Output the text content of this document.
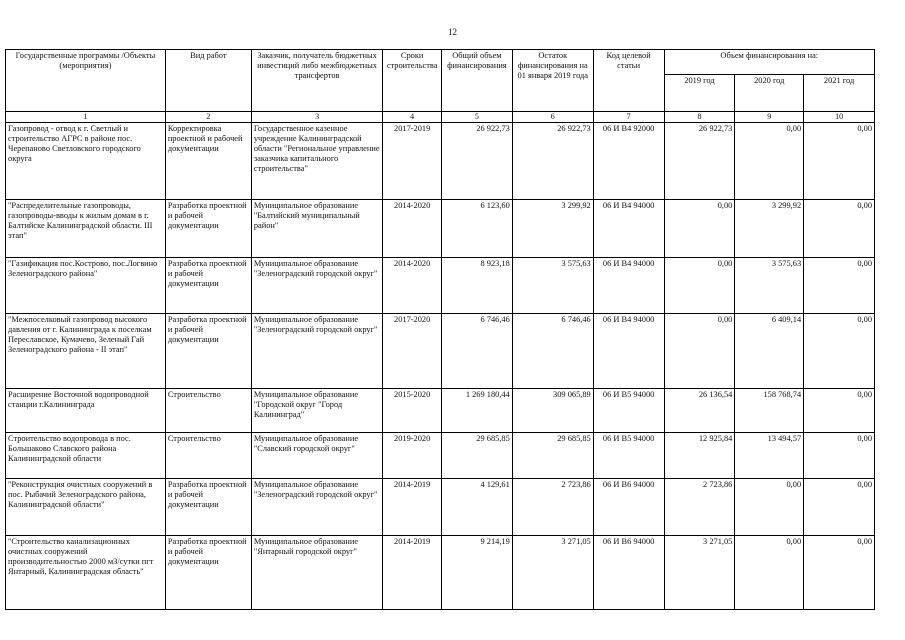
12
Государственные программы /Объекты (мероприятия)	Вид работ	Заказчик, получатель бюджетных инвестиций либо межбюджетных трансфертов	Сроки строительства	Общий объем финансирования	Остаток финансирования на 01 января 2019 года	Код целевой статьи	Объем финансирования на:		
							2019 год	2020 год	2021 год
1	2	3	4	5	6	7	8	9	10
Газопровод - отвод к г. Светлый и строительство АГРС в районе пос. Черепаново Светловского городского округа	Корректировка проектной и рабочей документации	Государственное казенное учреждение Калининградской области "Региональное управление заказчика капитального строительства"	2017-2019	26 922,73	26 922,73	06 И В4 92000	26 922,73	0,00	0,00
"Распределительные газопроводы, газопроводы-вводы к жилым домам в г. Балтийске Калининградской области. III этап"	Разработка проектной и рабочей документации	Муниципальное образование "Балтийский муниципальный район"	2014-2020	6 123,60	3 299,92	06 И В4 94000	0,00	3 299,92	0,00
"Газификация пос.Кострово, пос.Логвино Зеленоградского района"	Разработка проектной и рабочей документации	Муниципальное образование "Зеленоградский городской округ"	2014-2020	8 923,18	3 575,63	06 И В4 94000	0,00	3 575,63	0,00
"Межпоселковый газопровод высокого давления от г. Калининграда к поселкам Переславское, Кумачево, Зеленый Гай Зеленоградского района - II этап"	Разработка проектной и рабочей документации	Муниципальное образование "Зеленоградский городской округ"	2017-2020	6 746,46	6 746,46	06 И В4 94000	0,00	6 409,14	0,00
Расширение Восточной водопроводной станции г.Калининграда	Строительство	Муниципальное образование "Городской округ "Город Калининград"	2015-2020	1 269 180,44	309 065,89	06 И В5 94000	26 136,54	158 768,74	0,00
Строительство водопровода в пос. Большаково Славского района Калининградской области	Строительство	Муниципальное образование "Славский городской округ"	2019-2020	29 685,85	29 685,85	06 И В5 94000	12 925,84	13 494,57	0,00
"Реконструкция очистных сооружений в пос. Рыбачий Зеленоградского района, Калининградской области"	Разработка проектной и рабочей документации	Муниципальное образование "Зеленоградский городской округ"	2014-2019	4 129,61	2 723,86	06 И В6 94000	2 723,86	0,00	0,00
"Строительство канализационных очистных сооружений производительностью 2000 м3/сутки пгт Янтарный, Калининградская область"	Разработка проектной и рабочей документации	Муниципальное образование "Янтарный городской округ"	2014-2019	9 214,19	3 271,05	06 И В6 94000	3 271,05	0,00	0,00
